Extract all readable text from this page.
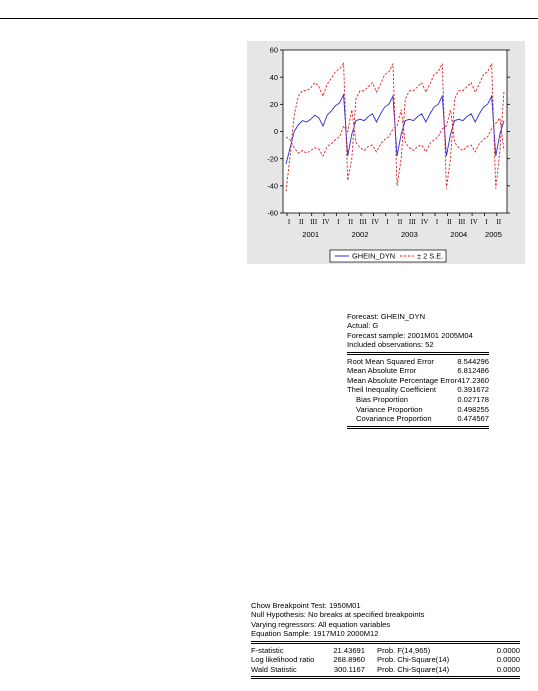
60
40
20
0
-20
-40
-60
I II III IV I II III IV I II III IV I II III IV I II
2001	2002	2003	2004 2005
GHEIN_DYN	± 2 S.E.
Forecast: GHEIN_DYN
Actual: G
Forecast sample: 2001M01 2005M04
Included observations: 52
Root Mean Squared Error	8.544296
Mean Absolute Error	6.812486
Mean Absolute Percentage Error	417.2360
Theil Inequality Coefficient	0.391672
Bias Proportion	0.027178
Variance Proportion	0.498255
Covariance Proportion	0.474567
Chow Breakpoint Test: 1950M01
Null Hypothesis: No breaks at specified breakpoints
Varying regressors: All equation variables
Equation Sample: 1917M10 2000M12
F-statistic	21.43691	Prob. F(14,965)	0.0000
Log likelihood ratio	268.8960	Prob. Chi-Square(14)	0.0000
Wald Statistic	300.1167	Prob. Chi-Square(14)	0.0000
